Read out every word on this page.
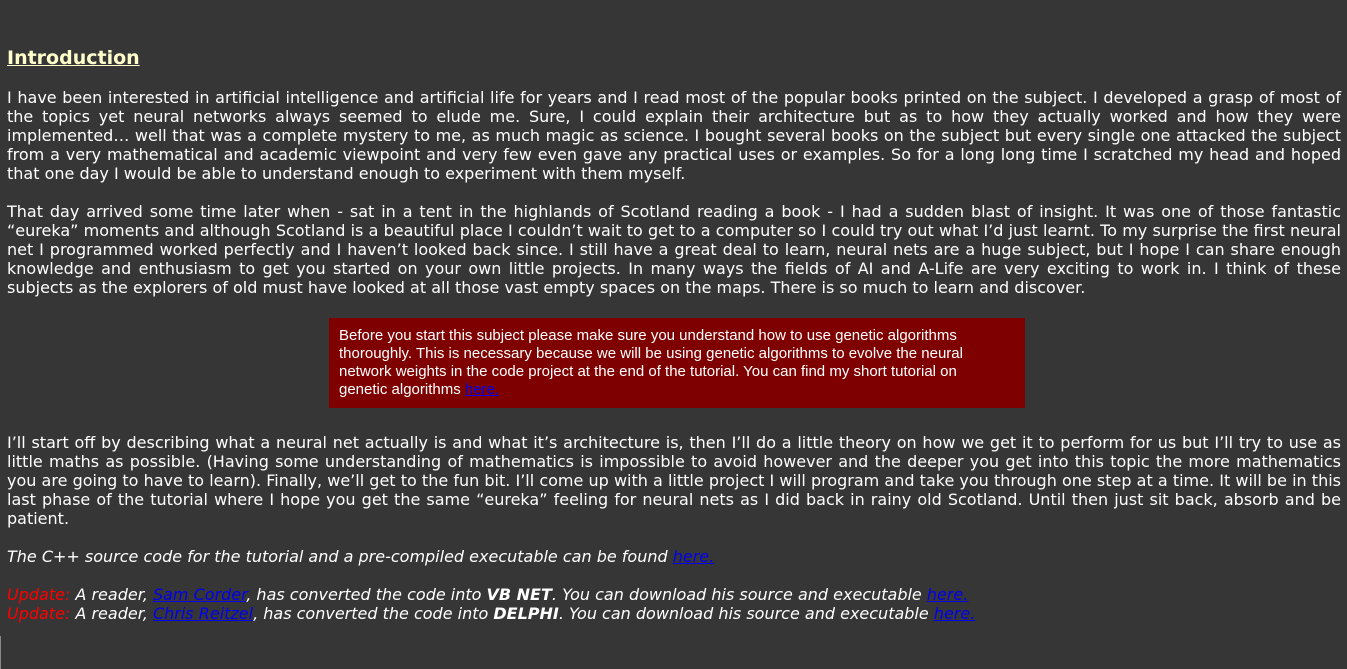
Introduction

I have been interested in artificial intelligence and artificial life for years and I read most of the popular books printed on the subject. I developed a grasp of most of the topics yet neural networks always seemed to elude me. Sure, I could explain their architecture but as to how they actually worked and how they were implemented… well that was a complete mystery to me, as much magic as science. I bought several books on the subject but every single one attacked the subject from a very mathematical and academic viewpoint and very few even gave any practical uses or examples. So for a long long time I scratched my head and hoped that one day I would be able to understand enough to experiment with them myself.

That day arrived some time later when - sat in a tent in the highlands of Scotland reading a book - I had a sudden blast of insight. It was one of those fantastic “eureka” moments and although Scotland is a beautiful place I couldn’t wait to get to a computer so I could try out what I’d just learnt. To my surprise the first neural net I programmed worked perfectly and I haven’t looked back since. I still have a great deal to learn, neural nets are a huge subject, but I hope I can share enough knowledge and enthusiasm to get you started on your own little projects. In many ways the fields of AI and A-Life are very exciting to work in. I think of these subjects as the explorers of old must have looked at all those vast empty spaces on the maps. There is so much to learn and discover.

I’ll start off by describing what a neural net actually is and what it’s architecture is, then I’ll do a little theory on how we get it to perform for us but I’ll try to use as little maths as possible. (Having some understanding of mathematics is impossible to avoid however and the deeper you get into this topic the more mathematics you are going to have to learn). Finally, we’ll get to the fun bit. I’ll come up with a little project I will program and take you through one step at a time. It will be in this last phase of the tutorial where I hope you get the same “eureka” feeling for neural nets as I did back in rainy old Scotland. Until then just sit back, absorb and be patient.

The C++ source code for the tutorial and a pre-compiled executable can be found here.

Update: A reader, Sam Corder, has converted the code into VB NET. You can download his source and executable here.
Update: A reader, Chris Reitzel, has converted the code into DELPHI. You can download his source and executable here.
Before you start this subject please make sure you understand how to use genetic algorithms thoroughly. This is necessary because we will be using genetic algorithms to evolve the neural network weights in the code project at the end of the tutorial. You can find my short tutorial on genetic algorithms here.
